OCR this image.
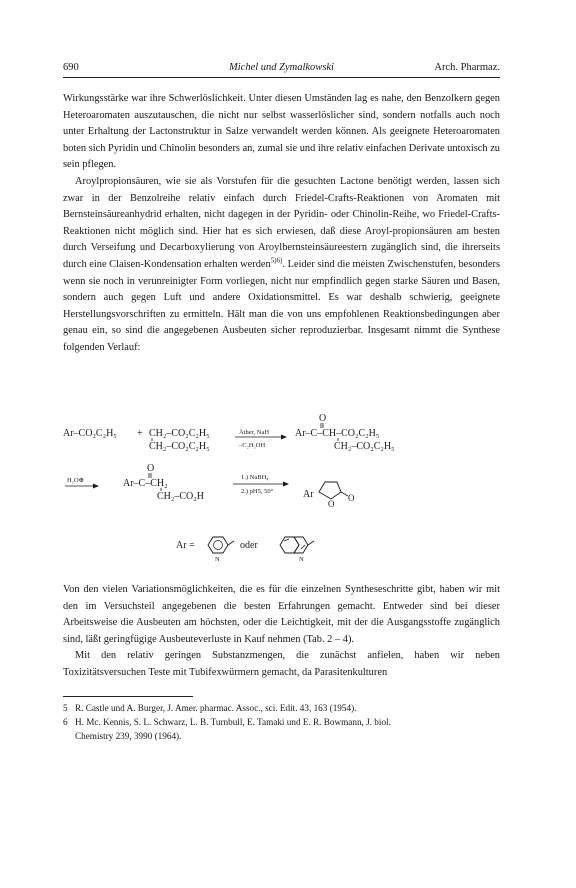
690	Michel und Zymalkowski	Arch. Pharmaz.

Wirkungsstärke war ihre Schwerlöslichkeit. Unter diesen Umständen lag es nahe, den Benzolkern gegen Heteroaromaten auszutauschen, die nicht nur selbst wasserlöslicher sind, sondern notfalls auch noch unter Erhaltung der Lactonstruktur in Salze verwandelt werden können. Als geeignete Heteroaromaten boten sich Pyridin und Chinolin besonders an, zumal sie und ihre relativ einfachen Derivate untoxisch zu sein pflegen.

Aroylpropionsäuren, wie sie als Vorstufen für die gesuchten Lactone benötigt werden, lassen sich zwar in der Benzolreihe relativ einfach durch Friedel-Crafts-Reaktionen von Aromaten mit Bernsteinsäureanhydrid erhalten, nicht dagegen in der Pyridin- oder Chinolin-Reihe, wo Friedel-Crafts-Reaktionen nicht möglich sind. Hier hat es sich erwiesen, daß diese Aroyl-propionsäuren am besten durch Verseifung und Decarboxylierung von Aroylbernsteinsäureestern zugänglich sind, die ihrerseits durch eine Claisen-Kondensation erhalten werden$^{5)6)}$. Leider sind die meisten Zwischenstufen, besonders wenn sie noch in verunreinigter Form vorliegen, nicht nur empfindlich gegen starke Säuren und Basen, sondern auch gegen Luft und andere Oxidationsmittel. Es war deshalb schwierig, geeignete Herstellungsvorschriften zu ermitteln. Hält man die von uns empfohlenen Reaktionsbedingungen aber genau ein, so sind die angegebenen Ausbeuten sicher reproduzierbar. Insgesamt nimmt die Synthese folgenden Verlauf:

Ar–CO₂C₂H₅ + CH₂–CO₂C₂H₅
CH₂–CO₂C₂H₅
Äther, NaH
–C₂H₅OH
O
Ar–C–CH–CO₂C₂H₅
CH₂–CO₂C₂H₅
H₂O⊕
O
Ar–C–CH₂
CH₂–CO₂H
1.) NaBH₄
2.) pH5, 50°	Ar
O
O
Ar =
N
oder
N

Von den vielen Variationsmöglichkeiten, die es für die einzelnen Syntheseschritte gibt, haben wir mit den im Versuchsteil angegebenen die besten Erfahrungen gemacht. Entweder sind bei dieser Arbeitsweise die Ausbeuten am höchsten, oder die Leichtigkeit, mit der die Ausgangsstoffe zugänglich sind, läßt geringfügige Ausbeuteverluste in Kauf nehmen (Tab. 2 – 4).

Mit den relativ geringen Substanzmengen, die zunächst anfielen, haben wir neben Toxizitätsversuchen Teste mit Tubifexwürmern gemacht, da Parasitenkulturen

5 R. Castle und A. Burger, J. Amer. pharmac. Assoc., sci. Edit. 43, 163 (1954).
6 H. Mc. Kennis, S. L. Schwarz, L. B. Turnbull, E. Tamaki und E. R. Bowmann, J. biol.
Chemistry 239, 3990 (1964).
